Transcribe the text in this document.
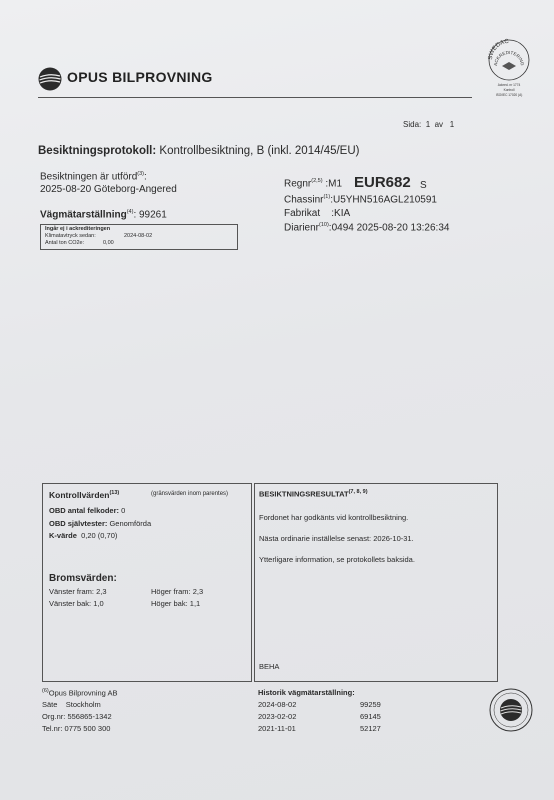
OPUS BILPROVNING
SWEDAC
ACKREDITERING
Ackred. nr 1774
Kontroll
ISO/IEC 17020 (A)
Sida: 1 av 1
Besiktningsprotokoll: Kontrollbesiktning, B (inkl. 2014/45/EU)
Besiktningen är utförd$^{(3)}$:
2025-08-20 Göteborg-Angered
Vägmätarställning$^{(4)}$: 99261
Ingår ej i ackrediteringen
Klimatavtryck sedan:	2024-08-02
Antal ton CO2e:	0,00
Regnr$^{(2,5)}$ :M1 EUR682 S
Chassinr$^{(1)}$:U5YHN516AGL210591
Fabrikat :KIA
Diarienr$^{(10)}$:0494 2025-08-20 13:26:34
Kontrollvärden$^{(13)}$	(gränsvärden inom parentes)
OBD antal felkoder: 0
OBD självtester: Genomförda
K-värde 0,20 (0,70)
Bromsvärden:
Vänster fram: 2,3	Höger fram: 2,3
Vänster bak: 1,0	Höger bak: 1,1
BESIKTNINGSRESULTAT$^{(7, 8, 9)}$
Fordonet har godkänts vid kontrollbesiktning.
Nästa ordinarie inställelse senast: 2026-10-31.
Ytterligare information, se protokollets baksida.
BEHA
$^{(6)}$Opus Bilprovning AB
Säte Stockholm
Org.nr: 556865-1342
Tel.nr: 0775 500 300
Historik vägmätarställning:
2024-08-02	99259
2023-02-02	69145
2021-11-01	52127
